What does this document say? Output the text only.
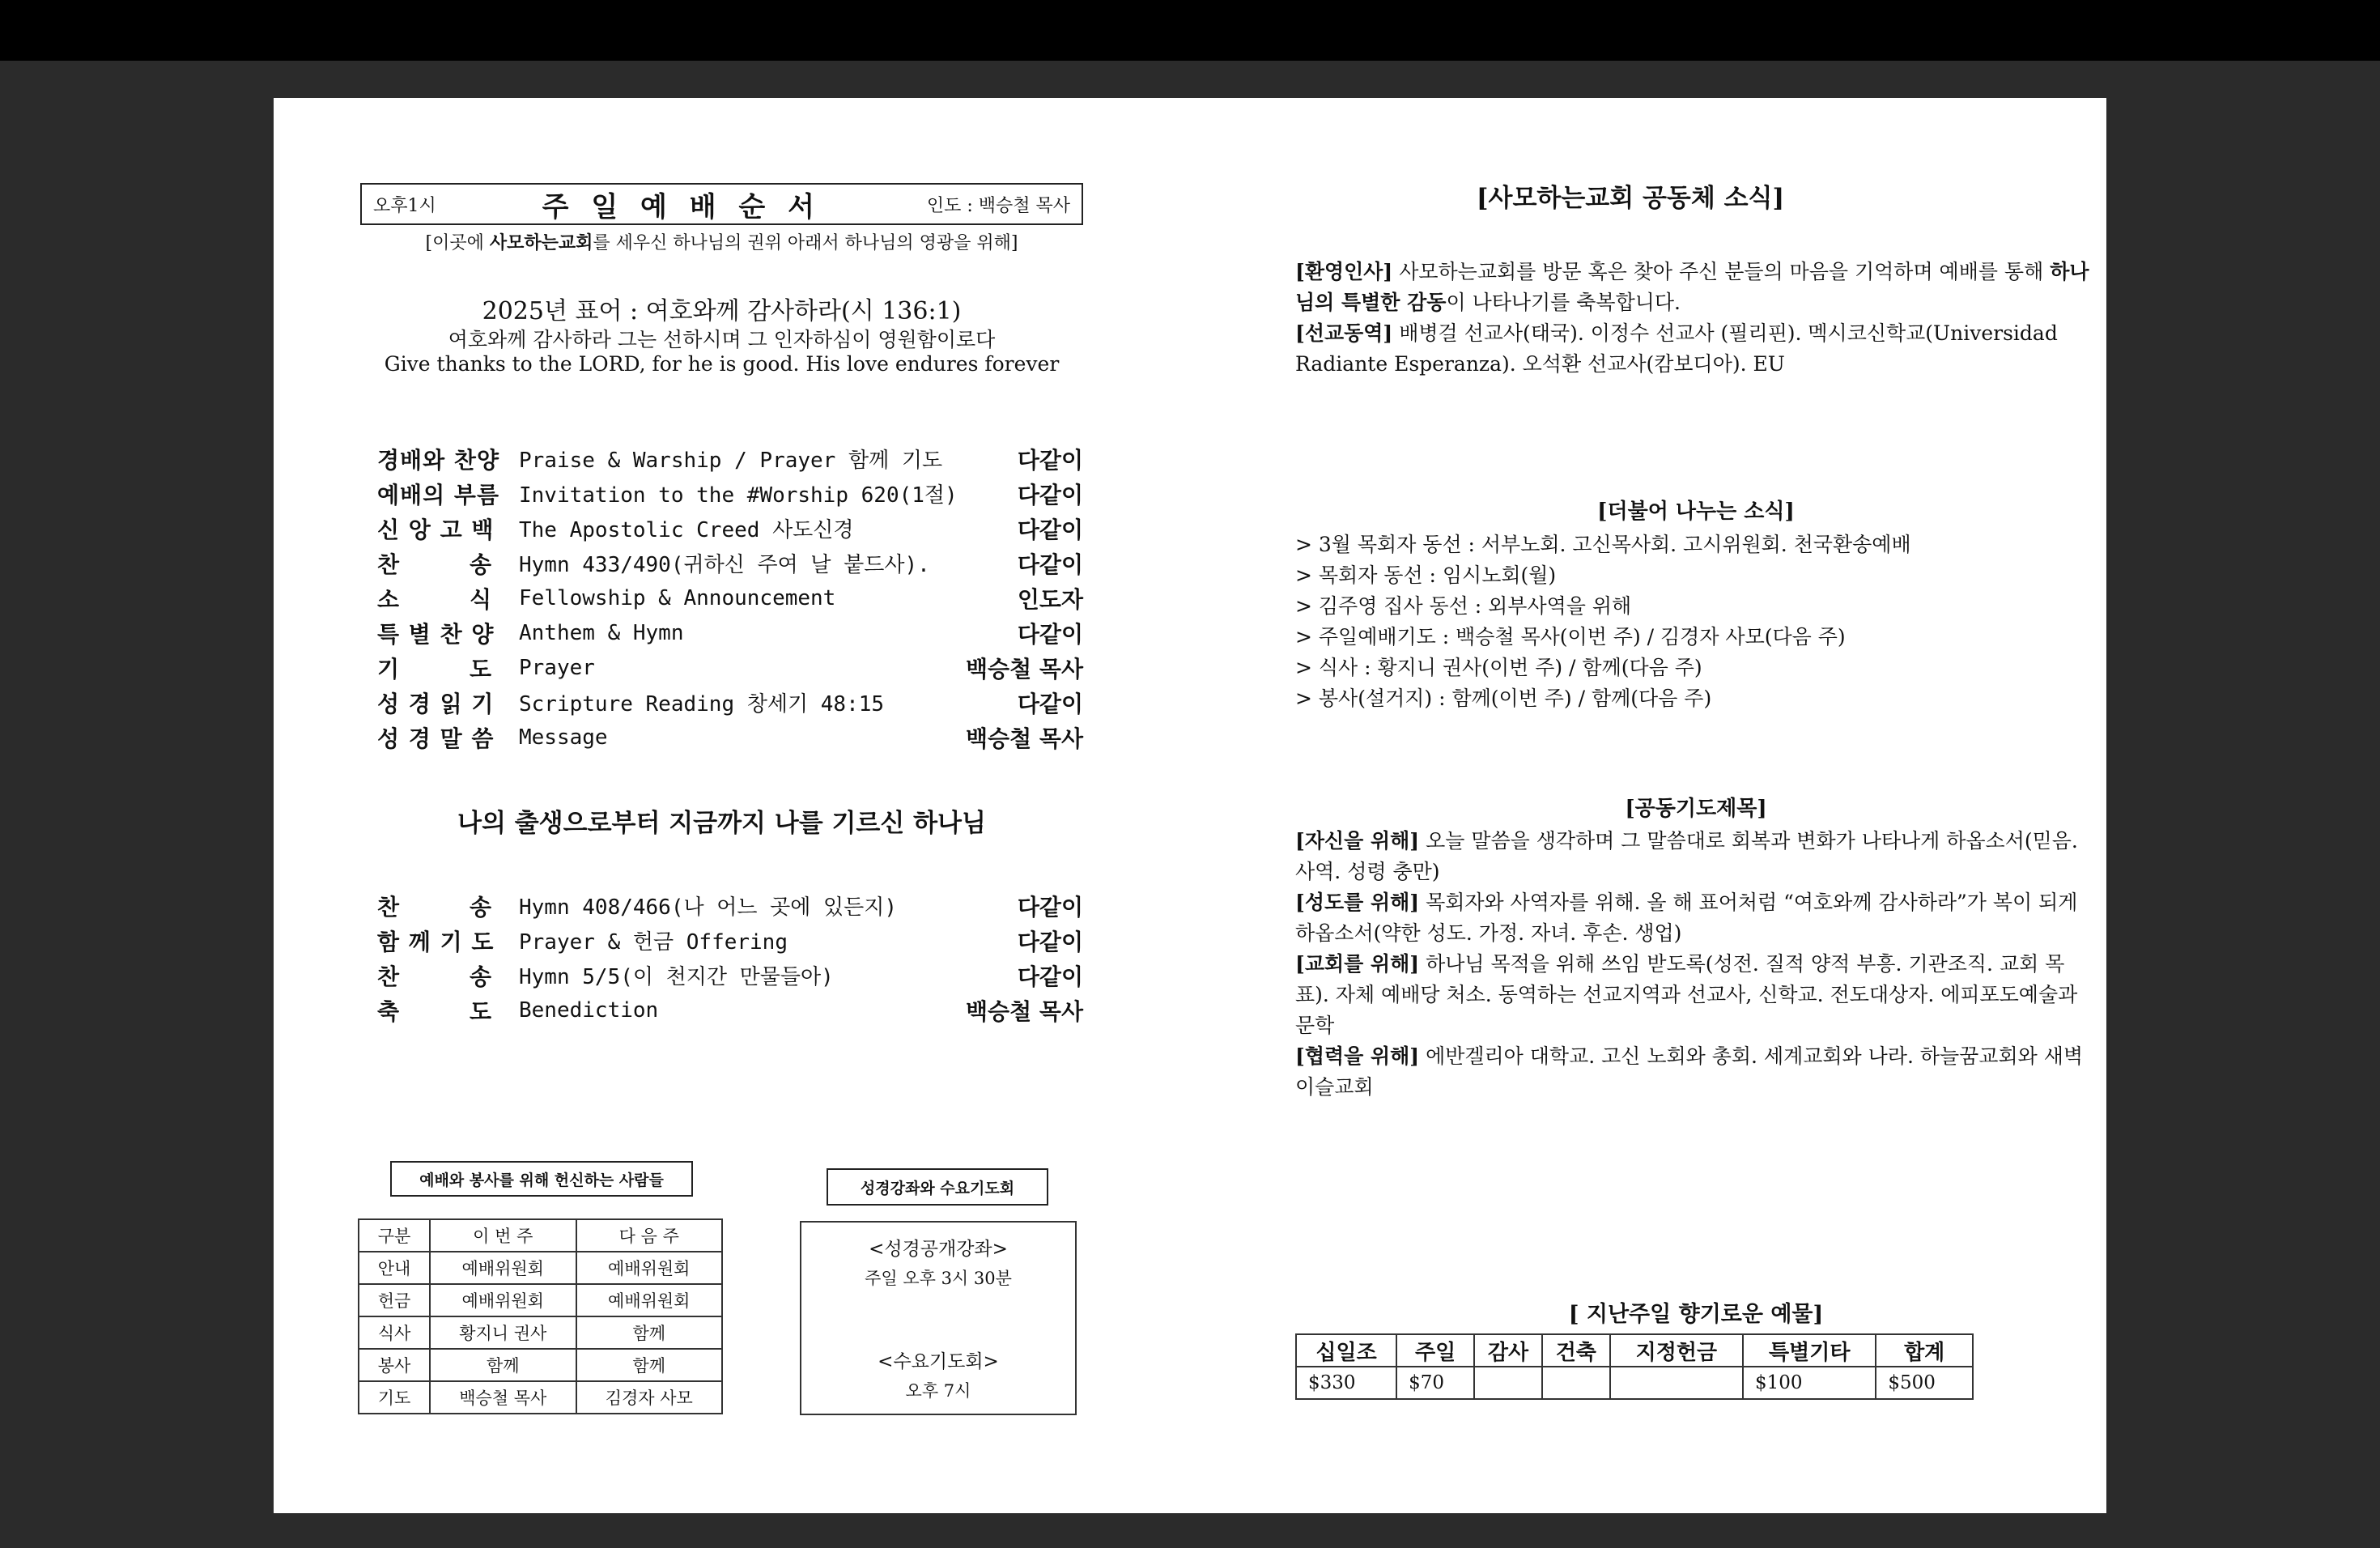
오후1시	주 일 예 배 순 서	인도 : 백승철 목사
[이곳에 사모하는교회를 세우신 하나님의 권위 아래서 하나님의 영광을 위해]
2025년 표어 : 여호와께 감사하라(시 136:1)
여호와께 감사하라 그는 선하시며 그 인자하심이 영원함이로다
Give thanks to the LORD, for he is good. His love endures forever
경배와 찬양 Praise & Warship / Prayer 함께 기도	다같이
예배의 부름 Invitation to the #Worship 620(1절)	다같이
신 앙 고 백	The Apostolic Creed 사도신경	다같이
찬        송	Hymn 433/490(귀하신 주여 날 붙드사).	다같이
소        식	Fellowship & Announcement	인도자
특 별 찬 양	Anthem & Hymn	다같이
기        도	Prayer	백승철 목사
성 경 읽 기	Scripture Reading 창세기 48:15	다같이
성 경 말 씀	Message	백승철 목사
나의 출생으로부터 지금까지 나를 기르신 하나님
찬        송	Hymn 408/466(나 어느 곳에 있든지)	다같이
함 께 기 도	Prayer & 헌금 Offering	다같이
찬        송	Hymn 5/5(이 천지간 만물들아)	다같이
축        도	Benediction	백승철 목사
예배와 봉사를 위해 헌신하는 사람들
구분	이 번 주	다 음 주
안내	예배위원회	예배위원회
헌금	예배위원회	예배위원회
식사	황지니 권사	함께
봉사	함께	함께
기도	백승철 목사	김경자 사모
성경강좌와 수요기도회
<성경공개강좌>
주일 오후 3시 30분
<수요기도회>
오후 7시
[사모하는교회 공동체 소식]
[환영인사] 사모하는교회를 방문 혹은 찾아 주신 분들의 마음을 기억하며 예배를 통해 하나님의 특별한 감동이 나타나기를 축복합니다.
[선교동역] 배병걸 선교사(태국). 이정수 선교사 (필리핀). 멕시코신학교(Universidad Radiante Esperanza). 오석환 선교사(캄보디아). EU
[더불어 나누는 소식]
> 3월 목회자 동선 : 서부노회. 고신목사회. 고시위원회. 천국환송예배
> 목회자 동선 : 임시노회(월)
> 김주영 집사 동선 : 외부사역을 위해
> 주일예배기도 : 백승철 목사(이번 주) / 김경자 사모(다음 주)
> 식사 : 황지니 권사(이번 주) / 함께(다음 주)
> 봉사(설거지) : 함께(이번 주) / 함께(다음 주)
[공동기도제목]
[자신을 위해] 오늘 말씀을 생각하며 그 말씀대로 회복과 변화가 나타나게 하옵소서(믿음. 사역. 성령 충만)
[성도를 위해] 목회자와 사역자를 위해. 올 해 표어처럼 “여호와께 감사하라”가 복이 되게 하옵소서(약한 성도. 가정. 자녀. 후손. 생업)
[교회를 위해] 하나님 목적을 위해 쓰임 받도록(성전. 질적 양적 부흥. 기관조직. 교회 목표). 자체 예배당 처소. 동역하는 선교지역과 선교사, 신학교. 전도대상자. 에피포도예술과문학
[협력을 위해] 에반겔리아 대학교. 고신 노회와 총회. 세계교회와 나라. 하늘꿈교회와 새벽이슬교회
[ 지난주일 향기로운 예물]
십일조	주일	감사	건축	지정헌금	특별기타	합계
$330	$70				$100	$500
